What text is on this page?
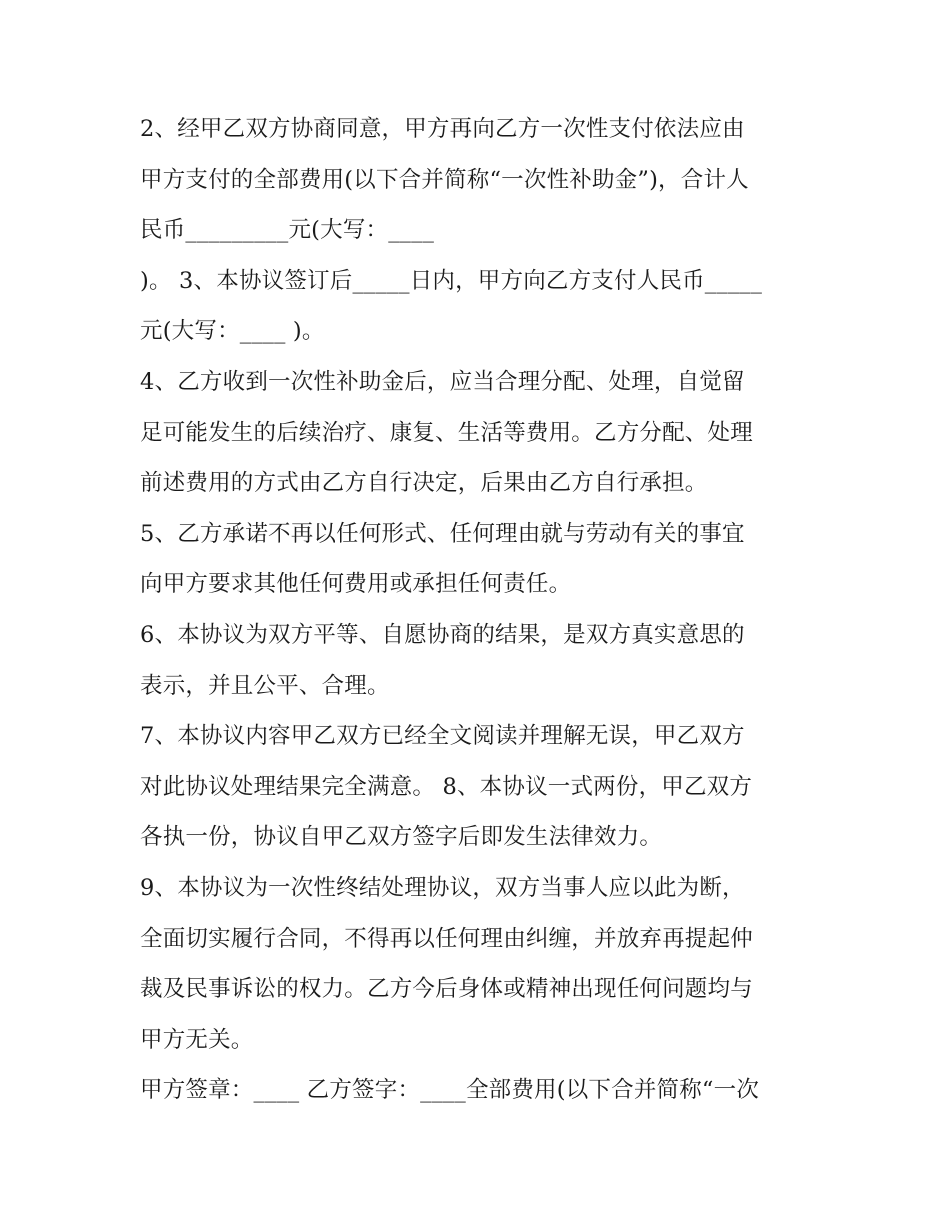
2、经甲乙双方协商同意，甲方再向乙方一次性支付依法应由
甲方支付的全部费用(以下合并简称“一次性补助金”)，合计人
民币_________元(大写：____
)。 3、本协议签订后_____日内，甲方向乙方支付人民币_____
元(大写：____ )。
4、乙方收到一次性补助金后，应当合理分配、处理，自觉留
足可能发生的后续治疗、康复、生活等费用。乙方分配、处理
前述费用的方式由乙方自行决定，后果由乙方自行承担。
5、乙方承诺不再以任何形式、任何理由就与劳动有关的事宜
向甲方要求其他任何费用或承担任何责任。
6、本协议为双方平等、自愿协商的结果，是双方真实意思的
表示，并且公平、合理。
7、本协议内容甲乙双方已经全文阅读并理解无误，甲乙双方
对此协议处理结果完全满意。 8、本协议一式两份，甲乙双方
各执一份，协议自甲乙双方签字后即发生法律效力。
9、本协议为一次性终结处理协议，双方当事人应以此为断，
全面切实履行合同，不得再以任何理由纠缠，并放弃再提起仲
裁及民事诉讼的权力。乙方今后身体或精神出现任何问题均与
甲方无关。
甲方签章：____ 乙方签字：____全部费用(以下合并简称“一次
